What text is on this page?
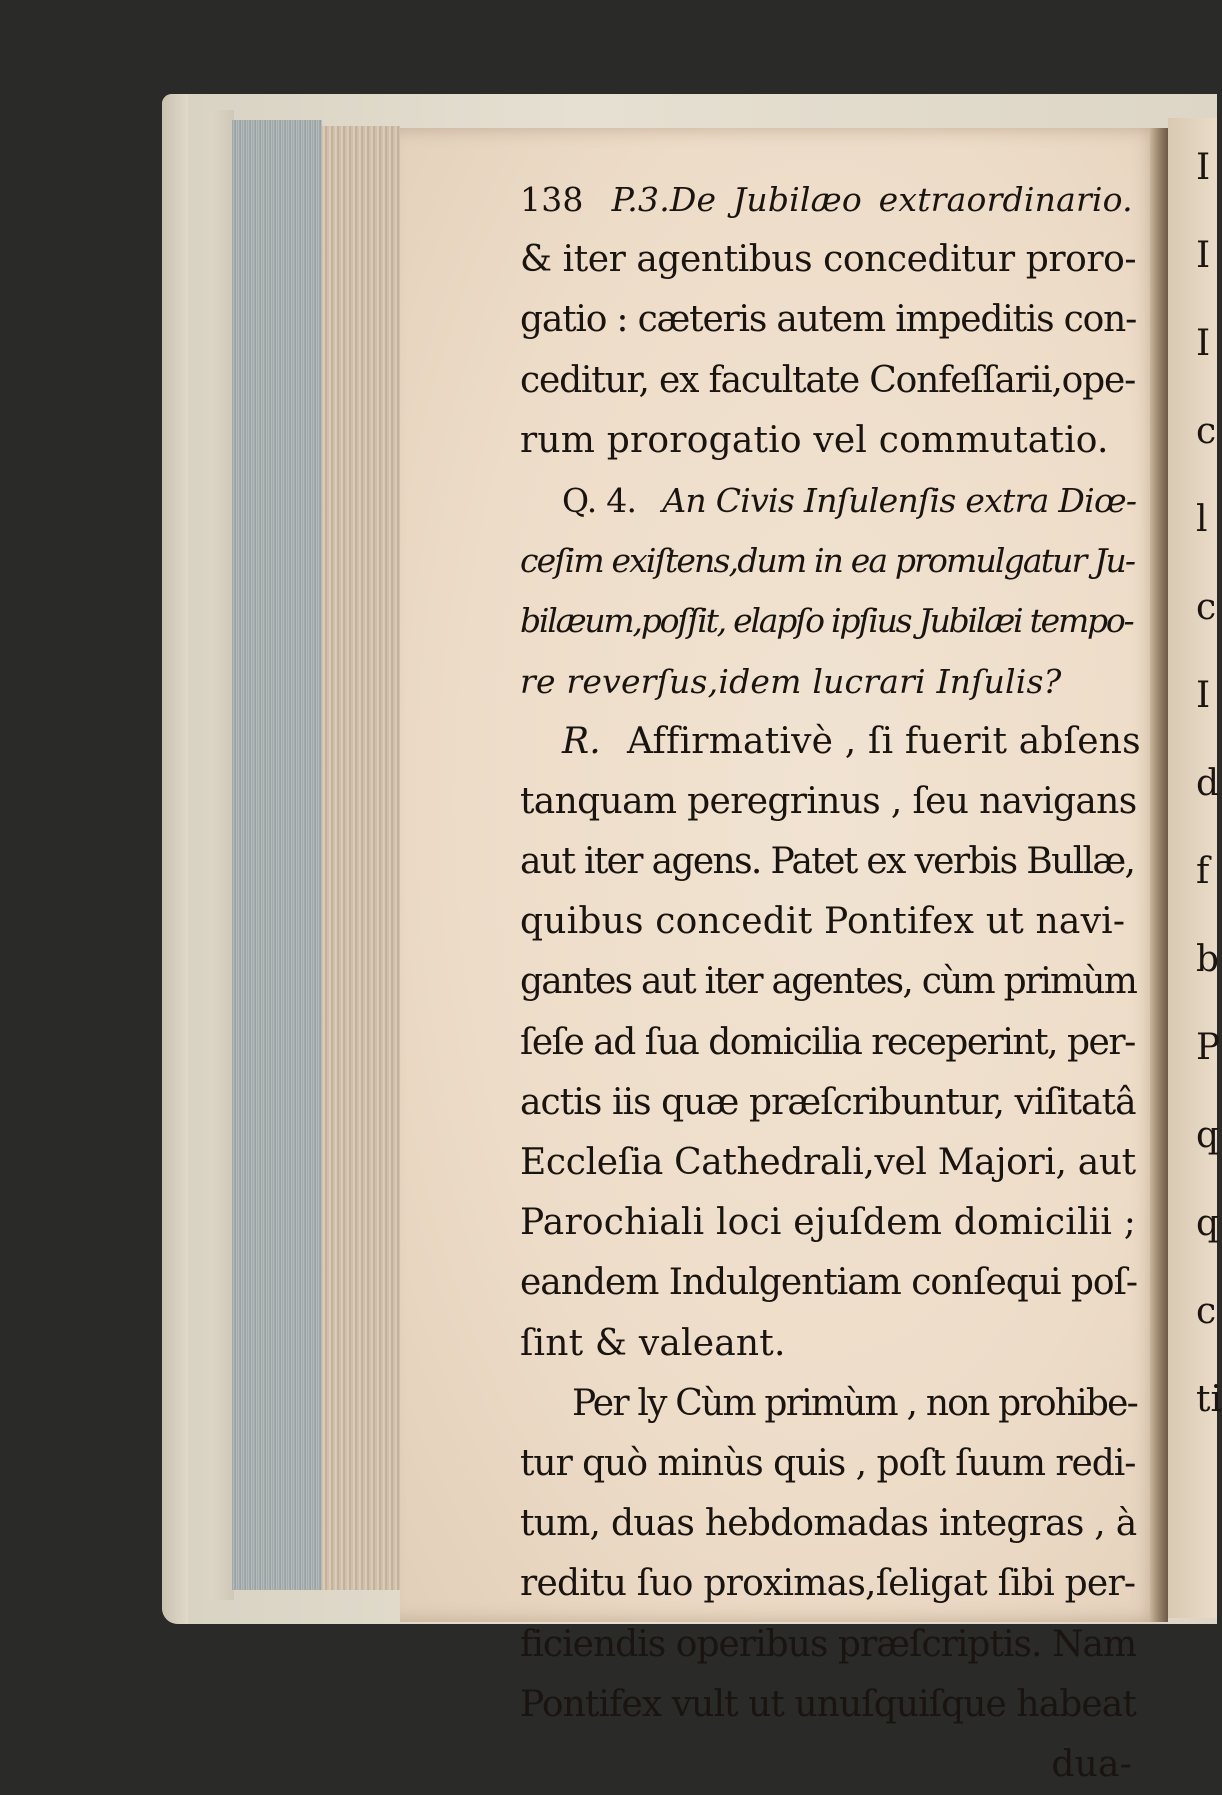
I
I
I
c
l
c
I
d
f
b
P
q
q
c
ti
138 P.3.De Jubilæo extraordinario.
& iter agentibus conceditur proro-
gatio : cæteris autem impeditis con-
ceditur, ex facultate Confeſſarii,ope-
rum prorogatio vel commutatio.
Q. 4. An Civis Inſulenſis extra Diœ-
ceſim exiſtens,dum in ea promulgatur Ju-
bilæum,poſſit, elapſo ipſius Jubilæi tempo-
re reverſus,idem lucrari Inſulis?
R. Affirmativè , ſi fuerit abſens
tanquam peregrinus , ſeu navigans
aut iter agens. Patet ex verbis Bullæ,
quibus concedit Pontifex ut navi-
gantes aut iter agentes, cùm primùm
ſeſe ad ſua domicilia receperint, per-
actis iis quæ præſcribuntur, viſitatâ
Eccleſia Cathedrali,vel Majori, aut
Parochiali loci ejuſdem domicilii ;
eandem Indulgentiam conſequi poſ-
ſint & valeant.
Per ly Cùm primùm , non prohibe-
tur quò minùs quis , poſt ſuum redi-
tum, duas hebdomadas integras , à
reditu ſuo proximas,ſeligat ſibi per-
ficiendis operibus præſcriptis. Nam
Pontifex vult ut unuſquiſque habeat
dua-
